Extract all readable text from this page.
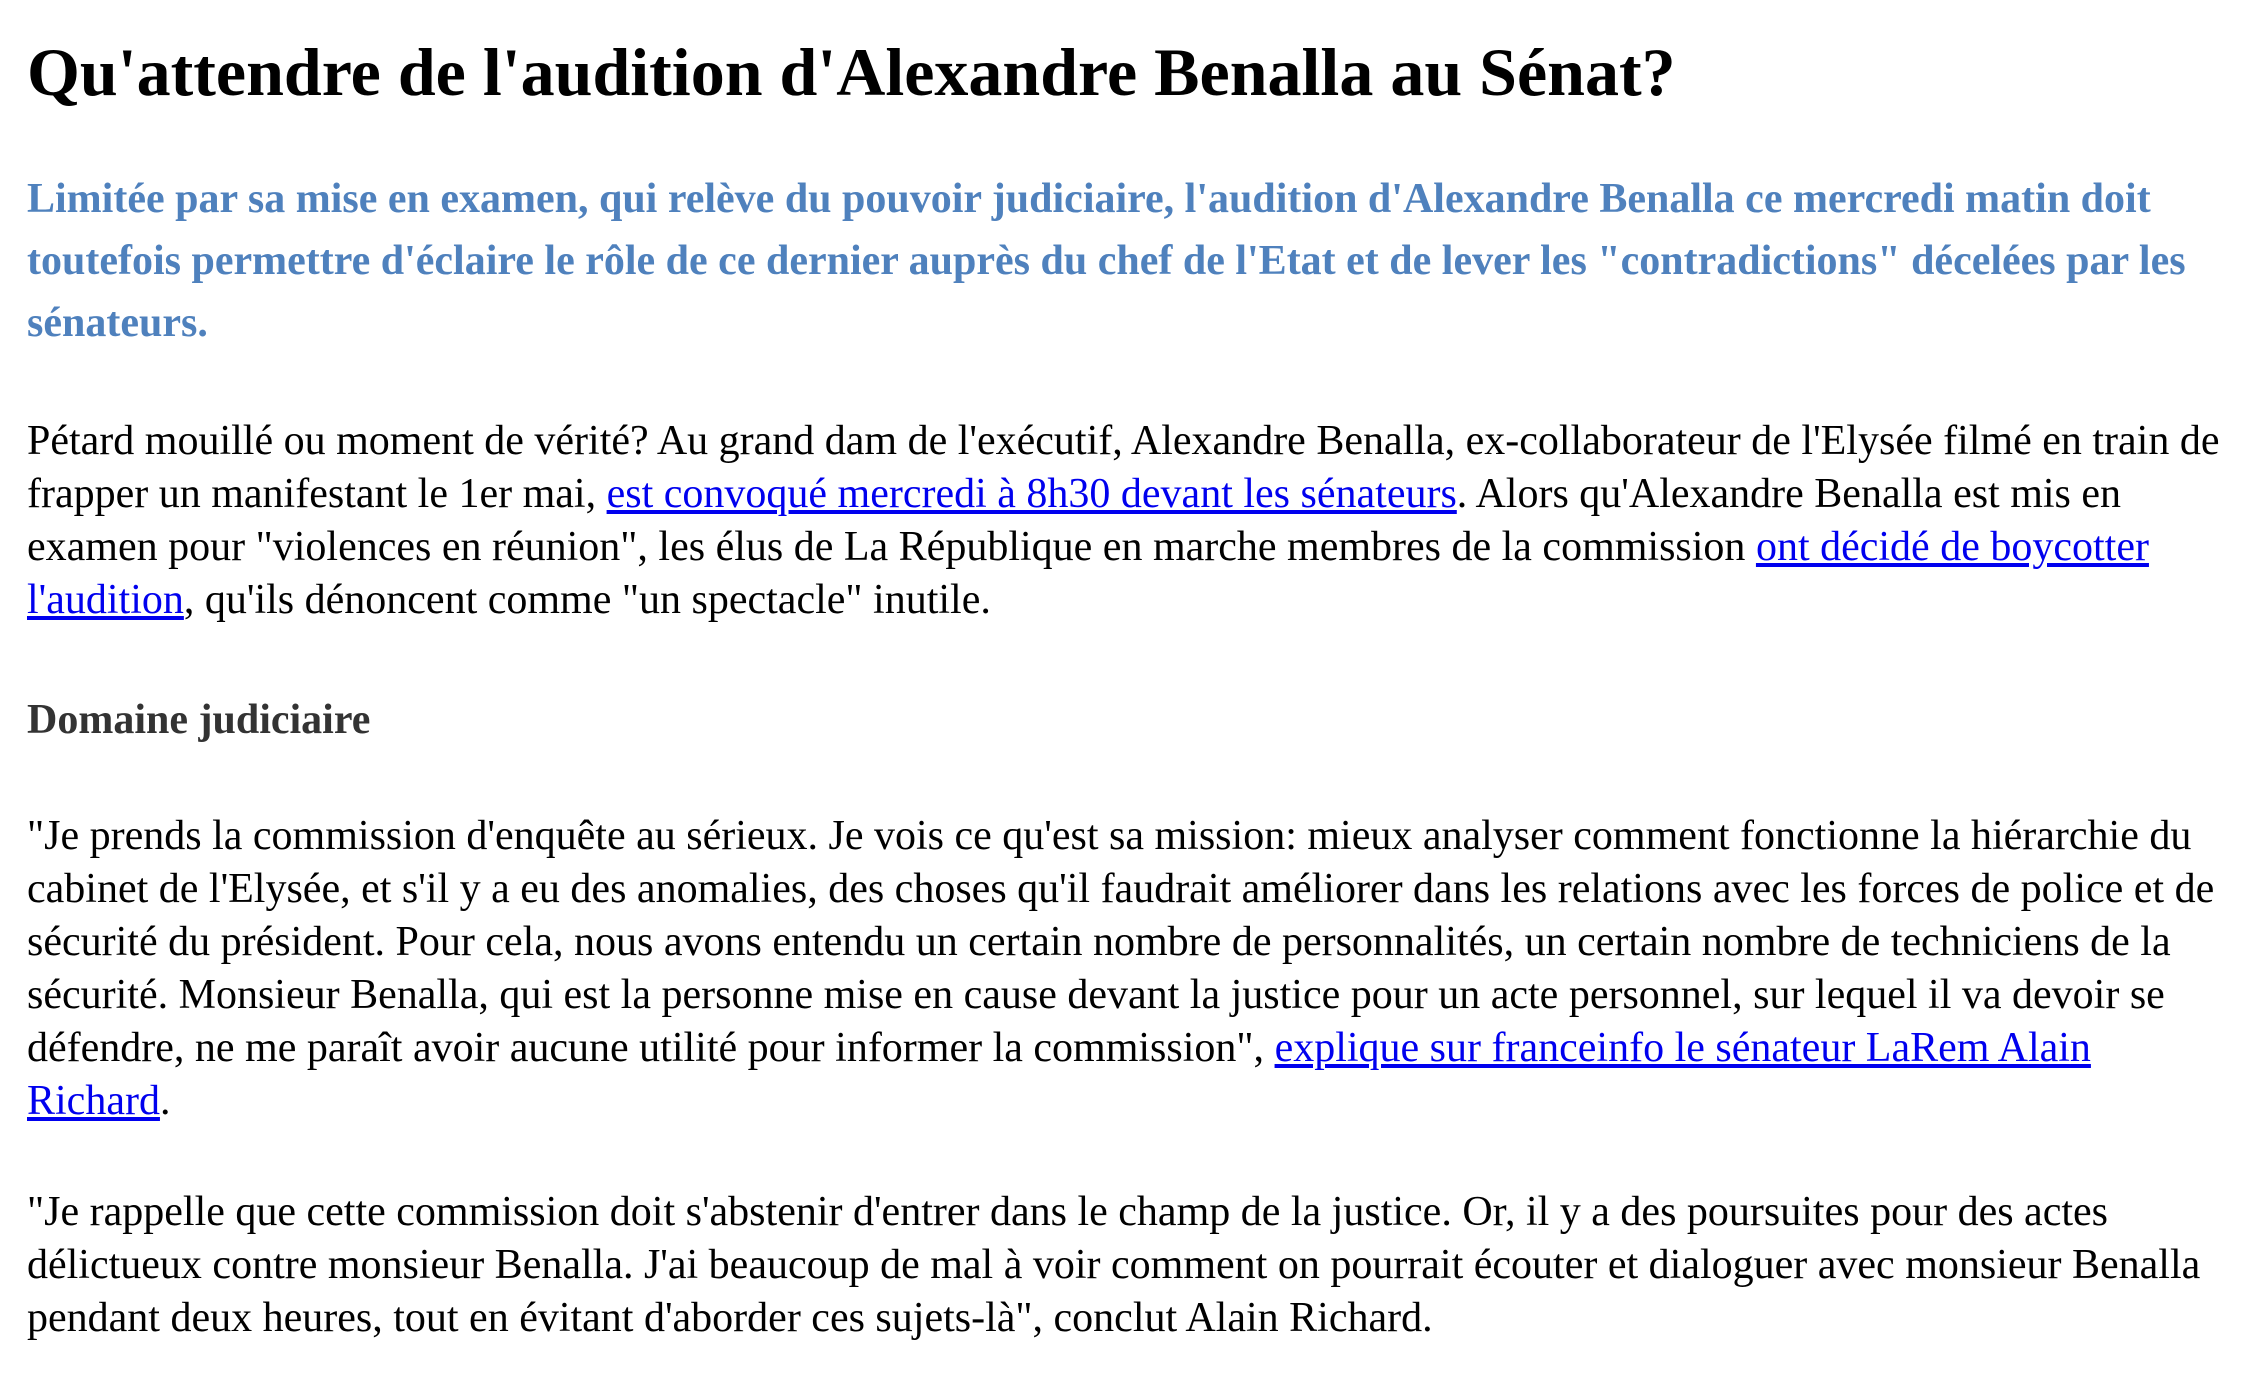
Qu'attendre de l'audition d'Alexandre Benalla au Sénat?

Limitée par sa mise en examen, qui relève du pouvoir judiciaire, l'audition d'Alexandre Benalla ce mercredi matin doit toutefois permettre d'éclaire le rôle de ce dernier auprès du chef de l'Etat et de lever les "contradictions" décelées par les sénateurs.

Pétard mouillé ou moment de vérité? Au grand dam de l'exécutif, Alexandre Benalla, ex-collaborateur de l'Elysée filmé en train de frapper un manifestant le 1er mai, est convoqué mercredi à 8h30 devant les sénateurs. Alors qu'Alexandre Benalla est mis en examen pour "violences en réunion", les élus de La République en marche membres de la commission ont décidé de boycotter l'audition, qu'ils dénoncent comme "un spectacle" inutile.

Domaine judiciaire

"Je prends la commission d'enquête au sérieux. Je vois ce qu'est sa mission: mieux analyser comment fonctionne la hiérarchie du cabinet de l'Elysée, et s'il y a eu des anomalies, des choses qu'il faudrait améliorer dans les relations avec les forces de police et de sécurité du président. Pour cela, nous avons entendu un certain nombre de personnalités, un certain nombre de techniciens de la sécurité. Monsieur Benalla, qui est la personne mise en cause devant la justice pour un acte personnel, sur lequel il va devoir se défendre, ne me paraît avoir aucune utilité pour informer la commission", explique sur franceinfo le sénateur LaRem Alain Richard.

"Je rappelle que cette commission doit s'abstenir d'entrer dans le champ de la justice. Or, il y a des poursuites pour des actes délictueux contre monsieur Benalla. J'ai beaucoup de mal à voir comment on pourrait écouter et dialoguer avec monsieur Benalla pendant deux heures, tout en évitant d'aborder ces sujets-là", conclut Alain Richard.
